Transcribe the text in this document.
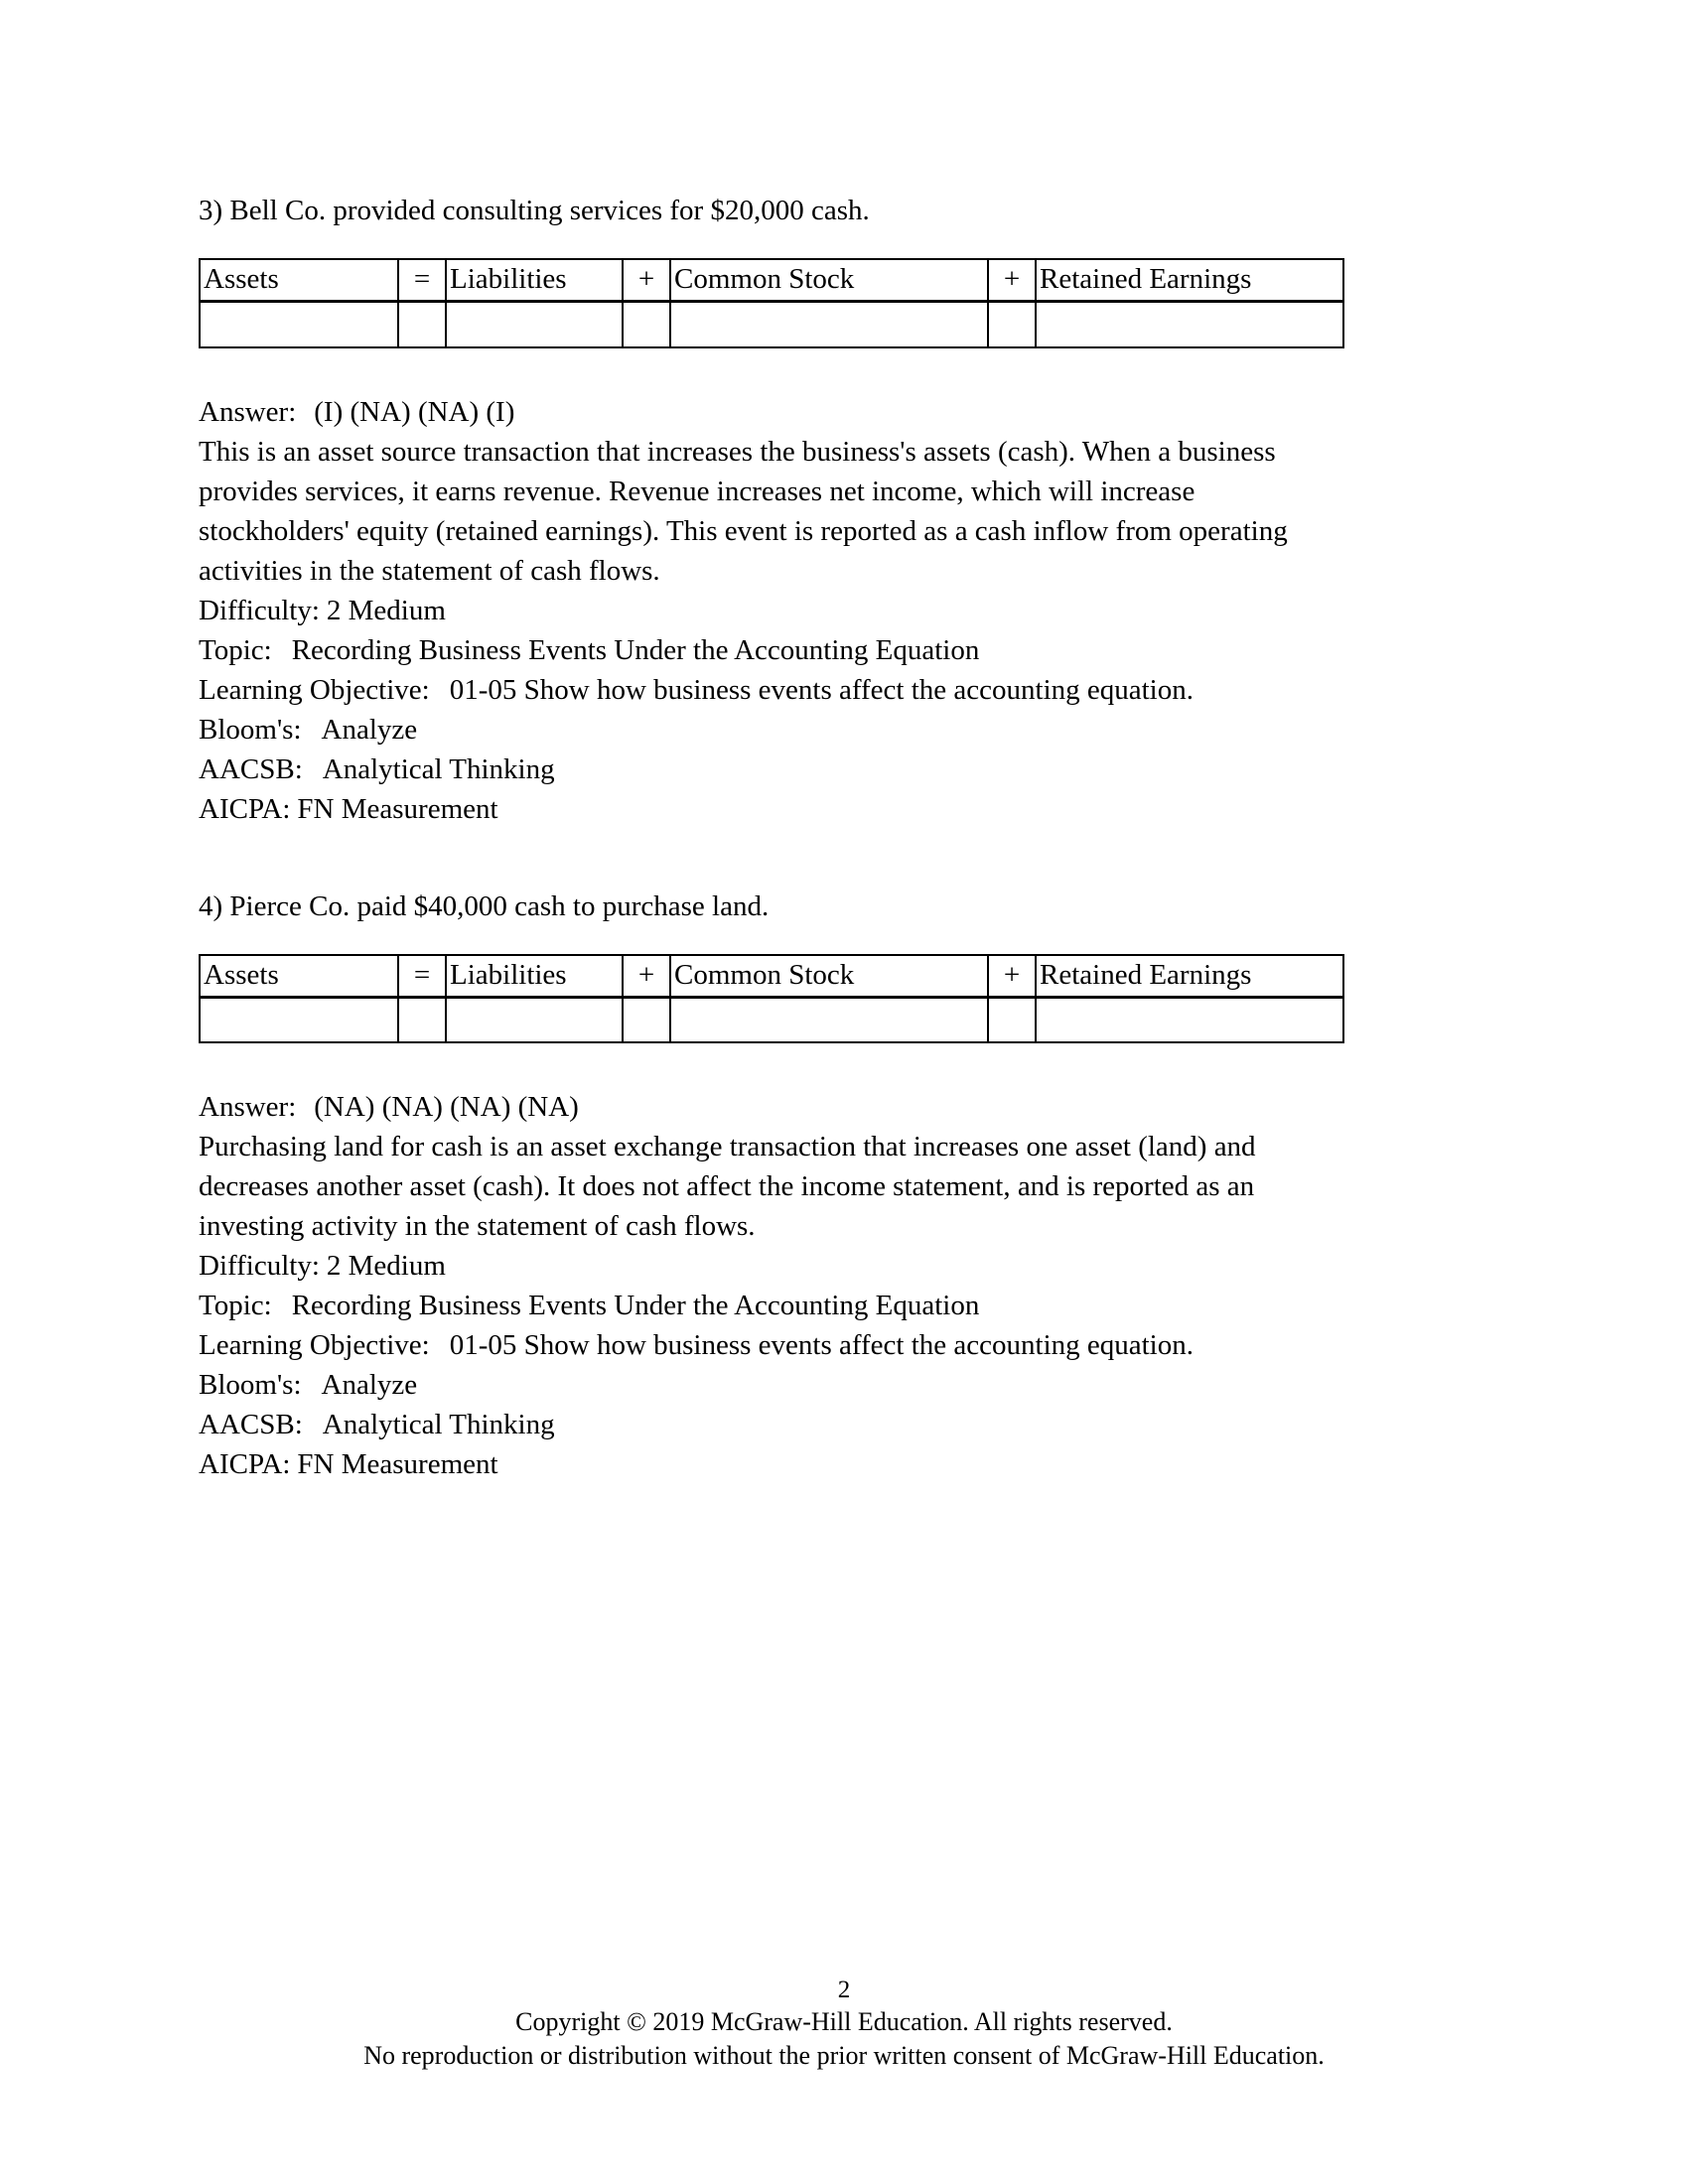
3) Bell Co. provided consulting services for $20,000 cash.
Assets	=	Liabilities	+	Common Stock	+	Retained Earnings

Answer: (I) (NA) (NA) (I)
This is an asset source transaction that increases the business's assets (cash). When a business
provides services, it earns revenue. Revenue increases net income, which will increase
stockholders' equity (retained earnings). This event is reported as a cash inflow from operating
activities in the statement of cash flows.
Difficulty: 2 Medium
Topic: Recording Business Events Under the Accounting Equation
Learning Objective: 01-05 Show how business events affect the accounting equation.
Bloom's: Analyze
AACSB: Analytical Thinking
AICPA: FN Measurement
4) Pierce Co. paid $40,000 cash to purchase land.
Assets	=	Liabilities	+	Common Stock	+	Retained Earnings

Answer: (NA) (NA) (NA) (NA)
Purchasing land for cash is an asset exchange transaction that increases one asset (land) and
decreases another asset (cash). It does not affect the income statement, and is reported as an
investing activity in the statement of cash flows.
Difficulty: 2 Medium
Topic: Recording Business Events Under the Accounting Equation
Learning Objective: 01-05 Show how business events affect the accounting equation.
Bloom's: Analyze
AACSB: Analytical Thinking
AICPA: FN Measurement
2
Copyright © 2019 McGraw-Hill Education. All rights reserved.
No reproduction or distribution without the prior written consent of McGraw-Hill Education.
